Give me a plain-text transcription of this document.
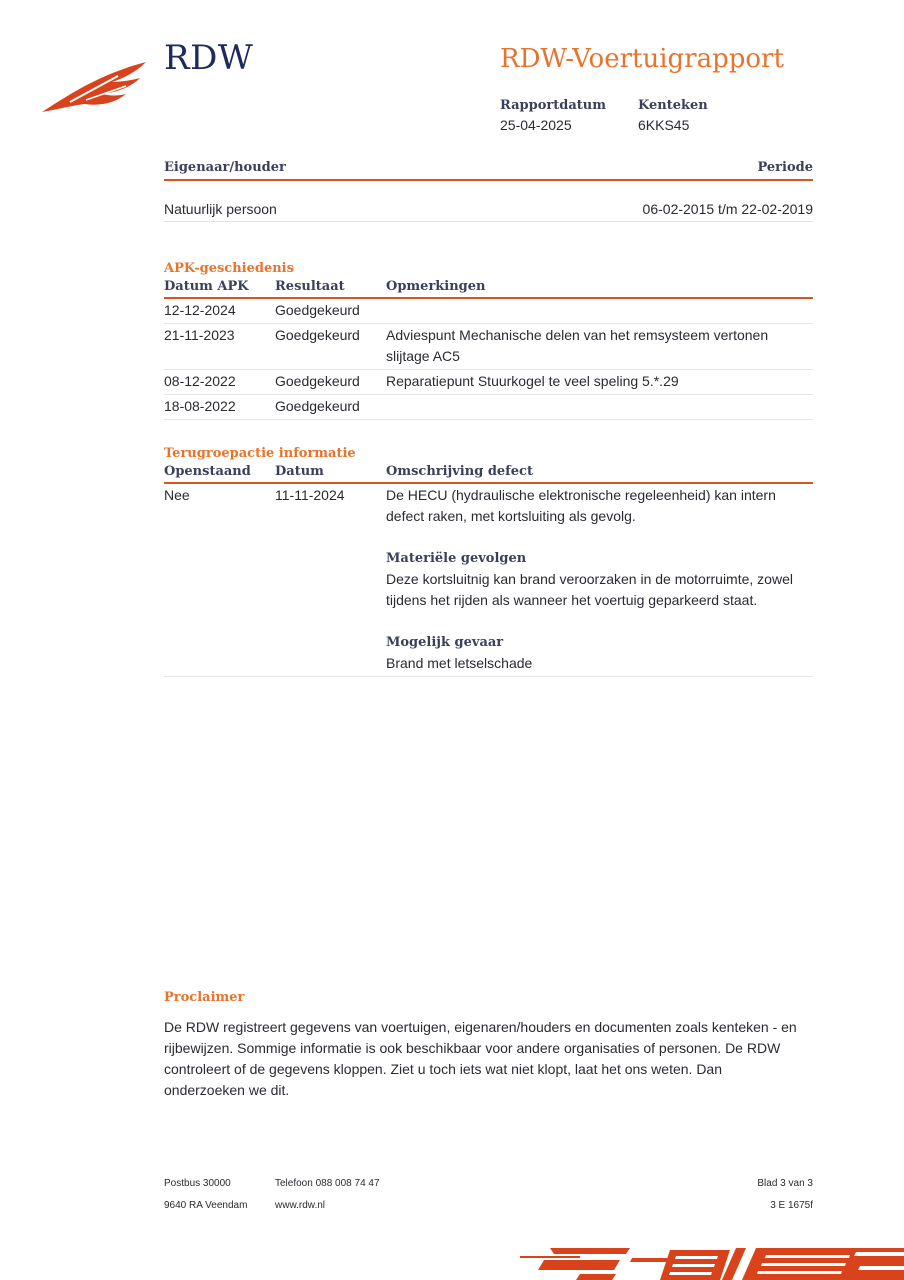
RDW	RDW-Voertuigrapport
Rapportdatum
25-04-2025
Kenteken
6KKS45
Eigenaar/houder	Periode
Natuurlijk persoon	06-02-2015 t/m 22-02-2019
APK-geschiedenis
Datum APK	Resultaat	Opmerkingen
12-12-2024	Goedgekeurd	
21-11-2023	Goedgekeurd	Adviespunt Mechanische delen van het remsysteem vertonen slijtage AC5
08-12-2022	Goedgekeurd	Reparatiepunt Stuurkogel te veel speling 5.*.29
18-08-2022	Goedgekeurd	
Terugroepactie informatie
Openstaand	Datum	Omschrijving defect
Nee	11-11-2024	De HECU (hydraulische elektronische regeleenheid) kan intern defect raken, met kortsluiting als gevolg.
Materiële gevolgen
Deze kortsluitnig kan brand veroorzaken in de motorruimte, zowel tijdens het rijden als wanneer het voertuig geparkeerd staat.
Mogelijk gevaar
Brand met letselschade
Proclaimer

De RDW registreert gegevens van voertuigen, eigenaren/houders en documenten zoals kenteken - en rijbewijzen. Sommige informatie is ook beschikbaar voor andere organisaties of personen. De RDW controleert of de gegevens kloppen. Ziet u toch iets wat niet klopt, laat het ons weten. Dan onderzoeken we dit.

Postbus 30000
9640 RA Veendam
Telefoon 088 008 74 47
www.rdw.nl
Blad 3 van 3
3 E 1675f
